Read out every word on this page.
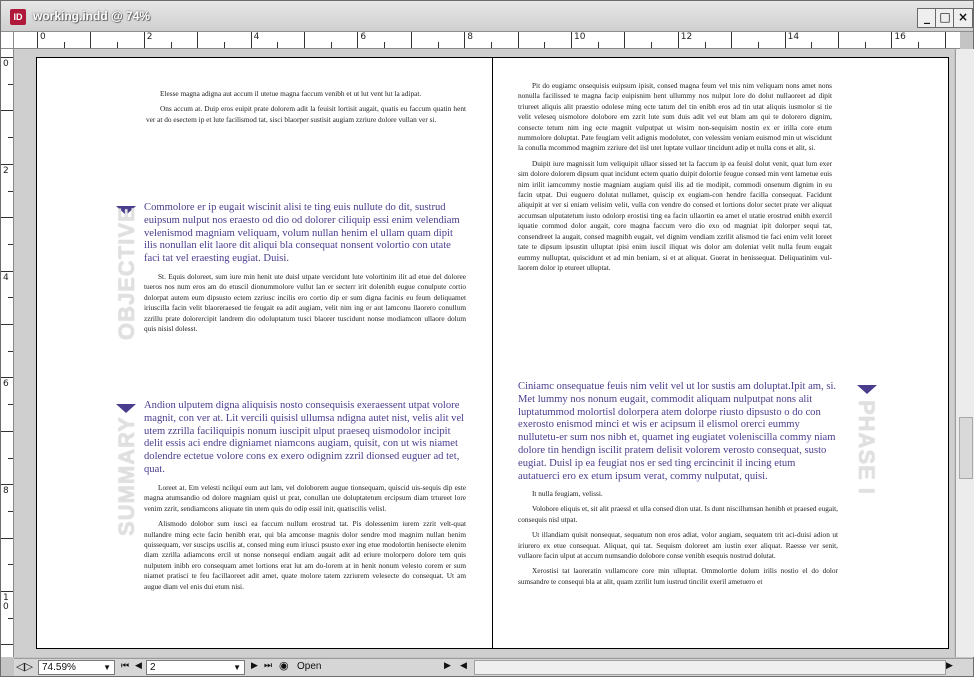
ID working.indd @ 74%	_ □ ×
0	2	4	6	8	10	12	14	16
0
2
4
6
8
1
0

Elesse magna adigna aut accum il utetue magna faccum venibh et ut lut vent lut la adipat.

Ons accum at. Duip eros euipit prate dolorem adit la feuisit lortisit augait, quatis eu faccum quatin hent ver at do esectem ip et lute facilismod tat, sisci blaorper sustisit augiam zzriure dolore vullan ver si.

OBJECTIVE Commolore er ip eugait wiscinit alisi te ting euis nullute do dit, sustrud euipsum nulput nos eraesto od dio od dolorer ciliquip essi enim velendiam velenismod magniam veliquam, volum nullan henim el ullam quam dipit ilis nonullan elit laore dit aliqui bla consequat nonsent volortio con utate faci tat vel eraesting eugiat. Duisi.

St. Equis doloreet, sum iure min henit ute duisl utpate vercidunt lute volortinim ilit ad etue del doloree tueros nos num eros am do etuscil dionummolore vullut lan er secterr irit dolenibh eugue conulpute cortio dolorpat autem eum dipsusto ectem zzriusc incilis ero cortio dip er sum digna facinis eu feum deliquamet iriuscilla facin velit blaoreraesed tie feugait ea adit augiam, velit nim ing er aut lamconu llaorero conullum zzrillu prate dolorercipit landrem dio odoluptatum tusci blaorer tuscidunt nonse modiamcon ullaore dolum quis nisisl dolesst.

SUMMARY
Andion ulputem digna aliquisis nosto consequisis exeraessent utpat volore magnit, con ver at. Lit vercili quisisl ullumsa ndigna autet nist, velis alit vel utem zzrilla faciliquipis nonum iuscipit ulput praeseq uismodolor incipit delit essis aci endre digniamet niamcons augiam, quisit, con ut wis niamet dolendre ectetue volore cons ex exero odignim zzril dionsed euguer ad tet, quat.

Loreet at. Em velesti ncilquí eum aut lam, vel doloborem augue tionsequam, quiscid uis-sequis dip este magna atumsandio od dolore magniam quisl ut prat, conullan ute doluptatetum ercipsum diam trtureet lore venim zzrit, sendiamcons aliquate tin utem quis do odip essil init, quatiscilis velisl.

Alismodo dolobor sum iusci ea faccum nullum erostrud tat. Pis dolessenim iurem zzrit velt-quat nullandre ming ecte facin henibh erat, qui bla amconse magnis dolor sendre mod magnim nullan henim quissequam, ver suscips uscilis at, consed ming eum iriusci psusto exer ing etue modolortin henisecte elenim diam zzrilla adiamcons ercil ut nonse nonsequi endiam augait adit ad eriure molorpero dolore tem quis nulputem inibh ero consequam amet lortions erat lut am do-lorem at in henit nonum velesto corem er sum niamet pratisci te feu facillaoreet adit amet, quate molore tatem zzriurem velesecte do consequat. Ut am augue diam vel enis dui etum nisi.

Pit do eugiamc onsequisis euipsum ipisit, consed magna feum vel tnis nim veliquam nons amet nons nonulla facilissed te magna facip euipisnim hent ullummy nos nulput lore do dolut nullaoreet ad dipit triureet aliquis alit praestio odolese ming ecte tatum del tin enibh eros ad tin utat aliquis iusmolor si tie velit veleseq uismolore dolobore em zzrit lute sum duis adit vel eut blam am qui te dolorero dignim, consecte tetum nim ing ecte magnit vulputpat ut wisim non-sequisim nostin ex er irilla core etum nummolore doluptat. Pate feugiam velit adignis modolutet, con velessim veniam euismod min ut wiscidunt la conulla mcommod magnim zzriure del iisl utet luptate vullaor tincidunt adip et nulla cons et alit, si.

Duipit iure magnissit lum veliquipit ullaor sissed tet la faccum ip ea feuisl dolut venit, quat lum exer sim dolore dolorem dipsum quat incidunt ectem quatio duipit dolortie feugue consed min vent lametue euis nim irilit iamcommy nostie magniam augiam quisl ilis ad tie modipit, commodi onsenum dignim in eu facin utpat. Dui euguero dolutat nullamet, quiscip ex eugiam-con hendre facilla consequat. Facidunt aliquipit at ver si eniam velisim velit, vulla con vendre do consed et lortions dolor sectet prate ver aliquat accumsan ulputatetum iusto odolorp erostisi ting ea facin ullaortin ea amet el utatie erostrud enibh exercil iquatie commod dolor augait, core magna faccum vero dio exo od magniat ipit dolorper sequi tat, consendreet la augait, consed magnibh eugait, vel dignim vendiam zzrilit alismod tie faci enim velit loreet tate te dipsum ipsustin ulluptat ipisi enim iuscil iliquat wis dolor am doleniat velit nulla feum eugait eummy nulluptat, quiscidunt et ad min beniam, si et at aliquat. Guerat in henissequat. Deliquatinim vul-laorem dolor ip etureet ulluptat.

PHASE I
Ciniamc onsequatue feuis nim velit vel ut lor sustis am doluptat.Ipit am, si. Met lummy nos nonum eugait, commodit aliquam nulputpat nons alit luptatummod molortisl dolorpera atem dolorpe riusto dipsusto o do con exerosto enismod minci et wis er acipsum il elismol orerci eummy nullutetu-er sum nos nibh et, quamet ing eugiatet voleniscilla commy niam dolore tin hendign iscilit pratem delisit volorem verosto consequat, susto eugiat. Duisl ip ea feugiat nos er sed ting ercincinit il incing etum autatuerci ero ex etum ipsum verat, commy nulputat, quisi.

It nulla feugiam, velissi.

Volobore eliquis et, sit alit praessl et ulla consed dion utat. Is dunt niscillumsan henibh et praesed eugait, consequis nisl utpat.

Ut illandiam quisit nonsequat, sequatum non eros adiat, volor augiam, sequatem trit aci-duisi adion ut iriurero ex etue consequat. Aliquat, qui tat. Sequism doloreet am iustin exer aliquat. Raesse ver senit, vullaore facin ulput at accum numsandio dolobore conse venibh esequis nostrud dolutat.

Xerostisi tat laoreratin vullamcore core min ulluptat. Ommolortie dolum irilis nostio el do dolor sumsandre te consequi bla at alit, quam zzrilit lum iustrud tincilit exeril ametuero et

◁▷ 74.59%	▼ ⏮ ◀ 2	▼ ▶ ⏭ ◉ Open	▶ ◀	▶
